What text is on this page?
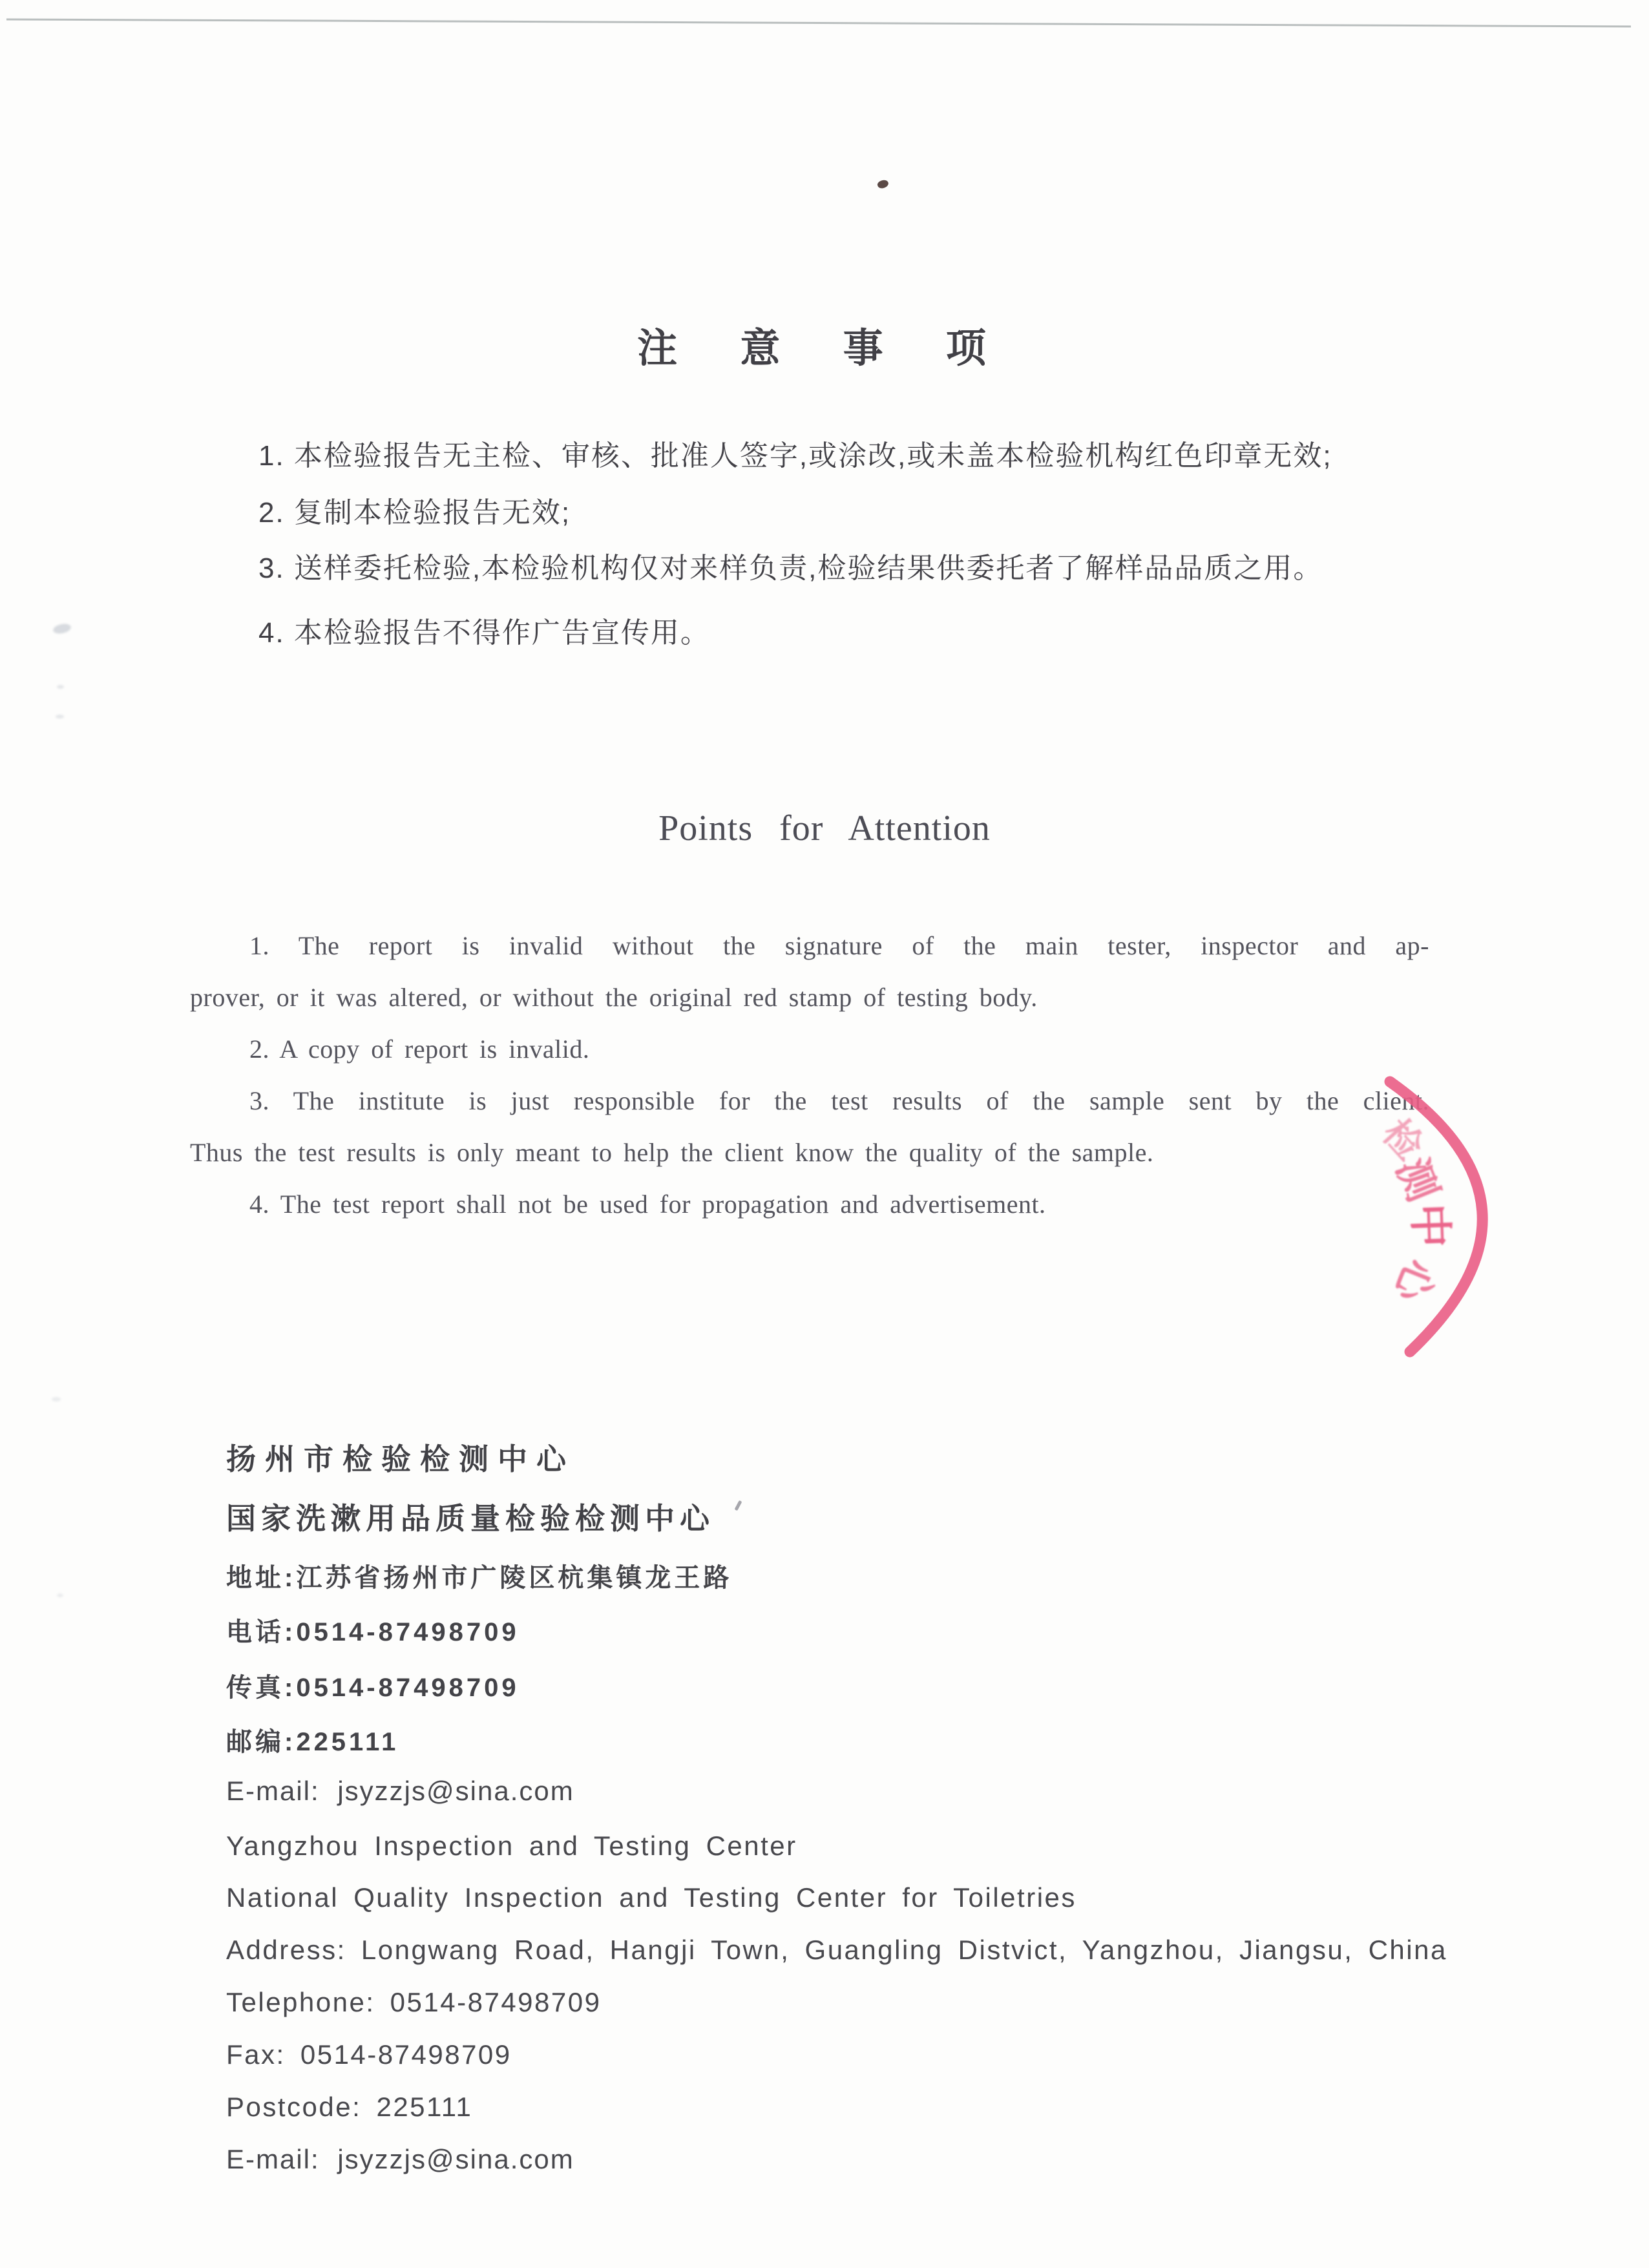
注 意 事 项
1. 本检验报告无主检、审核、批准人签字,或涂改,或未盖本检验机构红色印章无效;
2. 复制本检验报告无效;
3. 送样委托检验,本检验机构仅对来样负责,检验结果供委托者了解样品品质之用。
4. 本检验报告不得作广告宣传用。
Points for Attention
1. The report is invalid without the signature of the main tester, inspector and ap-
prover, or it was altered, or without the original red stamp of testing body.
2. A copy of report is invalid.
3. The institute is just responsible for the test results of the sample sent by the client.
Thus the test results is only meant to help the client know the quality of the sample.
4. The test report shall not be used for propagation and advertisement.
检
测
中
心
扬州市检验检测中心
国家洗漱用品质量检验检测中心
地址:江苏省扬州市广陵区杭集镇龙王路
电话:0514-87498709
传真:0514-87498709
邮编:225111
E-mail: jsyzzjs@sina.com
Yangzhou Inspection and Testing Center
National Quality Inspection and Testing Center for Toiletries
Address: Longwang Road, Hangji Town, Guangling Distvict, Yangzhou, Jiangsu, China
Telephone: 0514-87498709
Fax: 0514-87498709
Postcode: 225111
E-mail: jsyzzjs@sina.com
